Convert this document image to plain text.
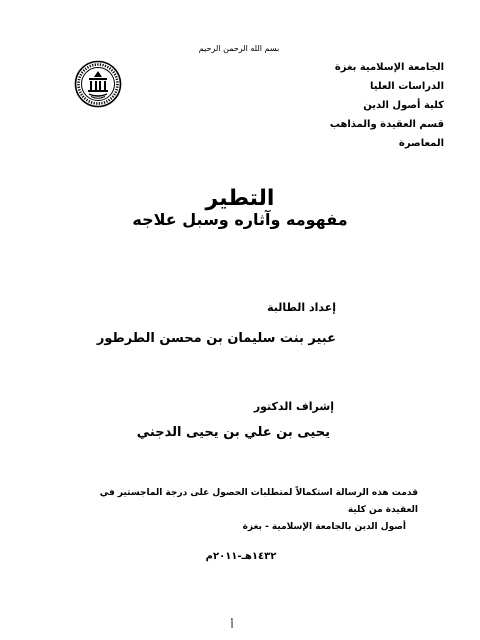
بسم الله الرحمن الرحيم
الجامعة الإسلامية بغزة
الدراسات العليا
كلية أصول الدين
قسم العقيدة والمذاهب المعاصرة
التطير
مفهومه وآثاره وسبل علاجه
إعداد الطالبة
عبير بنت سليمان بن محسن الطرطور
إشراف الدكتور
يحيى بن علي بن يحيى الدجني
قدمت هذه الرسالة استكمالاً لمتطلبات الحصول على درجة الماجستير في العقيدة من كلية
أصول الدين بالجامعة الإسلامية - بغزة
١٤٣٢هـ-٢٠١١م
أ
